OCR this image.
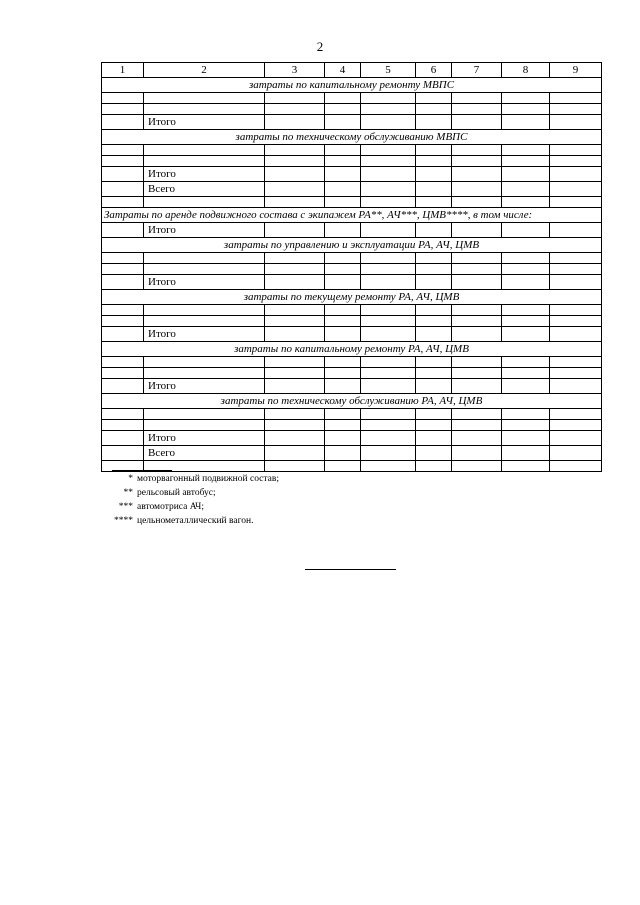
2
1	2	3	4	5	6	7	8	9
затраты по капитальному ремонту МВПС								

	Итого							
затраты по техническому обслуживанию МВПС								

	Итого							
	Всего							

Затраты по аренде подвижного состава с экипажем РА**, АЧ***, ЦМВ****, в том числе:								
	Итого							
затраты по управлению и эксплуатации РА, АЧ, ЦМВ								

	Итого							
затраты по текущему ремонту РА, АЧ, ЦМВ								

	Итого							
затраты по капитальному ремонту РА, АЧ, ЦМВ								

	Итого							
затраты по техническому обслуживанию РА, АЧ, ЦМВ								

	Итого							
	Всего							

* моторвагонный подвижной состав;
** рельсовый автобус;
*** автомотриса АЧ;
**** цельнометаллический вагон.
